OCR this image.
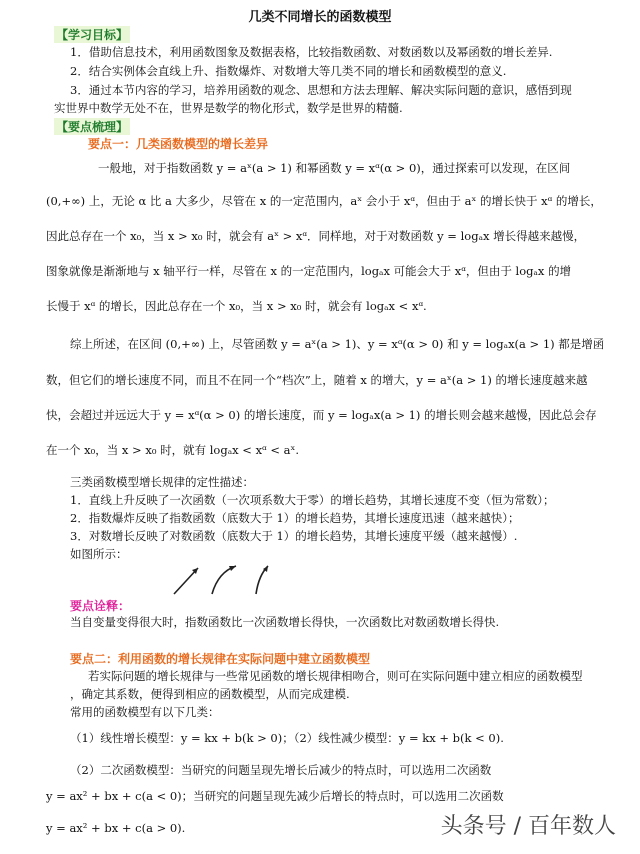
几类不同增长的函数模型
【学习目标】
1．借助信息技术，利用函数图象及数据表格，比较指数函数、对数函数以及幂函数的增长差异.
2．结合实例体会直线上升、指数爆炸、对数增大等几类不同的增长和函数模型的意义.
3．通过本节内容的学习，培养用函数的观念、思想和方法去理解、解决实际问题的意识，感悟到现
实世界中数学无处不在，世界是数学的物化形式，数学是世界的精髓.
【要点梳理】
要点一：几类函数模型的增长差异
一般地，对于指数函数 y = aˣ(a > 1) 和幂函数 y = xᵅ(α > 0)，通过探索可以发现，在区间
(0,+∞) 上，无论 α 比 a 大多少，尽管在 x 的一定范围内，aˣ 会小于 xᵅ，但由于 aˣ 的增长快于 xᵅ 的增长，
因此总存在一个 x₀，当 x > x₀ 时，就会有 aˣ > xᵅ．同样地，对于对数函数 y = logₐx 增长得越来越慢，
图象就像是渐渐地与 x 轴平行一样，尽管在 x 的一定范围内，logₐx 可能会大于 xᵅ，但由于 logₐx 的增
长慢于 xᵅ 的增长，因此总存在一个 x₀，当 x > x₀ 时，就会有 logₐx < xᵅ.
综上所述，在区间 (0,+∞) 上，尽管函数 y = aˣ(a > 1)、y = xᵅ(α > 0) 和 y = logₐx(a > 1) 都是增函
数，但它们的增长速度不同，而且不在同一个“档次”上，随着 x 的增大，y = aˣ(a > 1) 的增长速度越来越
快，会超过并远远大于 y = xᵅ(α > 0) 的增长速度，而 y = logₐx(a > 1) 的增长则会越来越慢，因此总会存
在一个 x₀，当 x > x₀ 时，就有 logₐx < xᵅ < aˣ.
三类函数模型增长规律的定性描述：
1．直线上升反映了一次函数（一次项系数大于零）的增长趋势，其增长速度不变（恒为常数）；
2．指数爆炸反映了指数函数（底数大于 1）的增长趋势，其增长速度迅速（越来越快）；
3．对数增长反映了对数函数（底数大于 1）的增长趋势，其增长速度平缓（越来越慢）.
如图所示：
要点诠释：
当自变量变得很大时，指数函数比一次函数增长得快，一次函数比对数函数增长得快.
要点二：利用函数的增长规律在实际问题中建立函数模型
若实际问题的增长规律与一些常见函数的增长规律相吻合，则可在实际问题中建立相应的函数模型
，确定其系数，便得到相应的函数模型，从而完成建模.
常用的函数模型有以下几类：
（1）线性增长模型：y = kx + b(k > 0)；（2）线性减少模型：y = kx + b(k < 0).
（2）二次函数模型：当研究的问题呈现先增长后减少的特点时，可以选用二次函数
y = ax² + bx + c(a < 0)；当研究的问题呈现先减少后增长的特点时，可以选用二次函数
y = ax² + bx + c(a > 0).	头条号 / 百年数人
